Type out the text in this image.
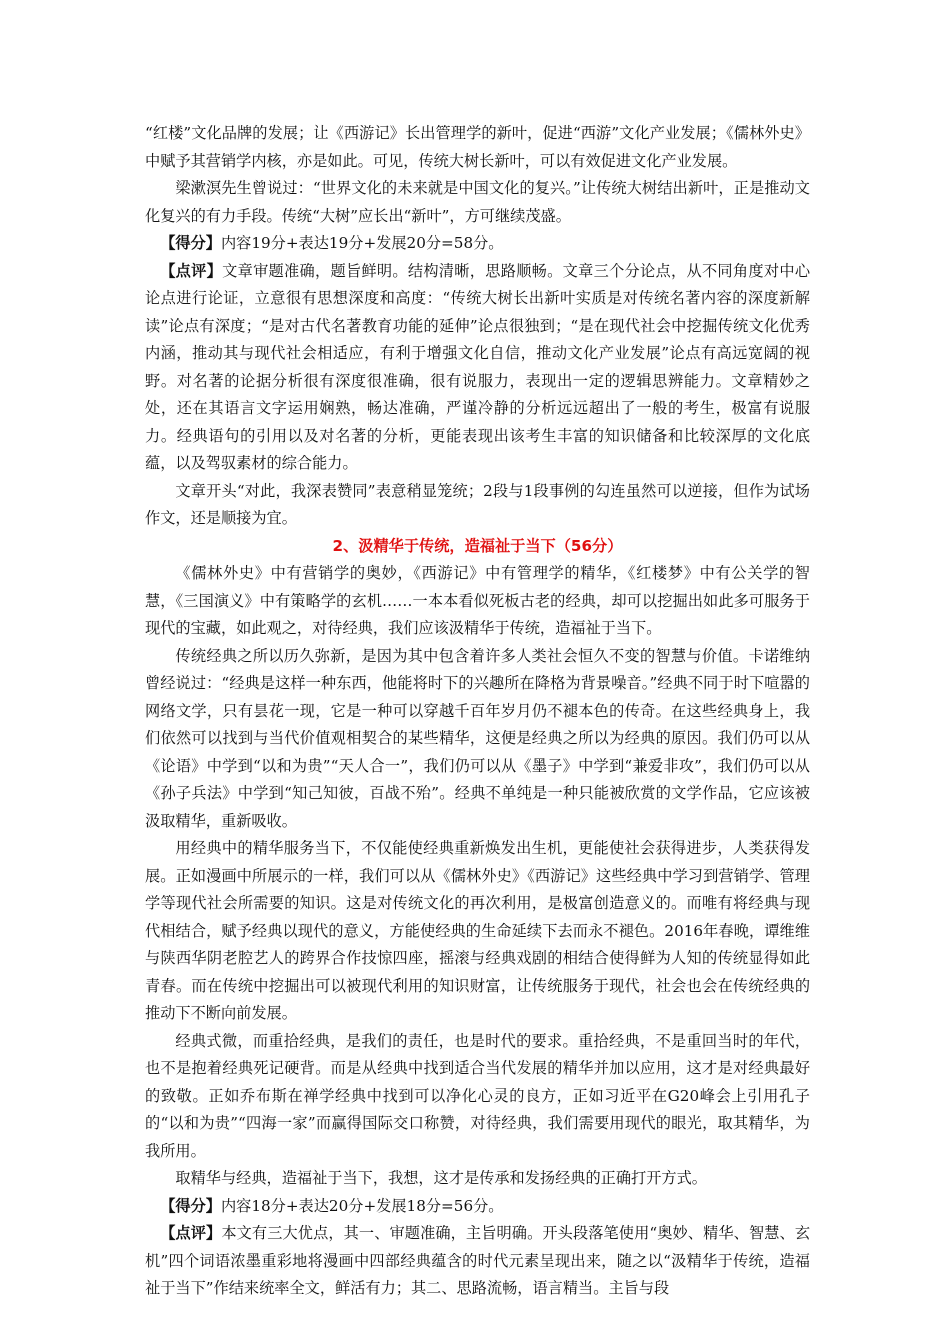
“红楼”文化品牌的发展；让《西游记》长出管理学的新叶，促进“西游”文化产业发展；《儒林外史》中赋予其营销学内核，亦是如此。可见，传统大树长新叶，可以有效促进文化产业发展。

梁漱溟先生曾说过：“世界文化的未来就是中国文化的复兴。”让传统大树结出新叶，正是推动文化复兴的有力手段。传统“大树”应长出“新叶”，方可继续茂盛。

【得分】内容19分+表达19分+发展20分=58分。

【点评】文章审题准确，题旨鲜明。结构清晰，思路顺畅。文章三个分论点，从不同角度对中心论点进行论证，立意很有思想深度和高度：“传统大树长出新叶实质是对传统名著内容的深度新解读”论点有深度；“是对古代名著教育功能的延伸”论点很独到；“是在现代社会中挖掘传统文化优秀内涵，推动其与现代社会相适应，有利于增强文化自信，推动文化产业发展”论点有高远宽阔的视野。对名著的论据分析很有深度很准确，很有说服力，表现出一定的逻辑思辨能力。文章精妙之处，还在其语言文字运用娴熟，畅达准确，严谨冷静的分析远远超出了一般的考生，极富有说服力。经典语句的引用以及对名著的分析，更能表现出该考生丰富的知识储备和比较深厚的文化底蕴，以及驾驭素材的综合能力。

文章开头“对此，我深表赞同”表意稍显笼统；2段与1段事例的勾连虽然可以逆接，但作为试场作文，还是顺接为宜。

2、汲精华于传统，造福祉于当下（56分）

《儒林外史》中有营销学的奥妙，《西游记》中有管理学的精华，《红楼梦》中有公关学的智慧，《三国演义》中有策略学的玄机……一本本看似死板古老的经典，却可以挖掘出如此多可服务于现代的宝藏，如此观之，对待经典，我们应该汲精华于传统，造福祉于当下。

传统经典之所以历久弥新，是因为其中包含着许多人类社会恒久不变的智慧与价值。卡诺维纳曾经说过：“经典是这样一种东西，他能将时下的兴趣所在降格为背景噪音。”经典不同于时下喧嚣的网络文学，只有昙花一现，它是一种可以穿越千百年岁月仍不褪本色的传奇。在这些经典身上，我们依然可以找到与当代价值观相契合的某些精华，这便是经典之所以为经典的原因。我们仍可以从《论语》中学到“以和为贵”“天人合一”，我们仍可以从《墨子》中学到“兼爱非攻”，我们仍可以从《孙子兵法》中学到“知己知彼，百战不殆”。经典不单纯是一种只能被欣赏的文学作品，它应该被汲取精华，重新吸收。

用经典中的精华服务当下，不仅能使经典重新焕发出生机，更能使社会获得进步，人类获得发展。正如漫画中所展示的一样，我们可以从《儒林外史》《西游记》这些经典中学习到营销学、管理学等现代社会所需要的知识。这是对传统文化的再次利用，是极富创造意义的。而唯有将经典与现代相结合，赋予经典以现代的意义，方能使经典的生命延续下去而永不褪色。2016年春晚，谭维维与陕西华阴老腔艺人的跨界合作技惊四座，摇滚与经典戏剧的相结合使得鲜为人知的传统显得如此青春。而在传统中挖掘出可以被现代利用的知识财富，让传统服务于现代，社会也会在传统经典的推动下不断向前发展。

经典式微，而重拾经典，是我们的责任，也是时代的要求。重拾经典，不是重回当时的年代，也不是抱着经典死记硬背。而是从经典中找到适合当代发展的精华并加以应用，这才是对经典最好的致敬。正如乔布斯在禅学经典中找到可以净化心灵的良方，正如习近平在G20峰会上引用孔子的“以和为贵”“四海一家”而赢得国际交口称赞，对待经典，我们需要用现代的眼光，取其精华，为我所用。

取精华与经典，造福祉于当下，我想，这才是传承和发扬经典的正确打开方式。

【得分】内容18分+表达20分+发展18分=56分。

【点评】本文有三大优点，其一、审题准确，主旨明确。开头段落笔使用“奥妙、精华、智慧、玄机”四个词语浓墨重彩地将漫画中四部经典蕴含的时代元素呈现出来，随之以“汲精华于传统，造福祉于当下”作结来统率全文，鲜活有力；其二、思路流畅，语言精当。主旨与段
